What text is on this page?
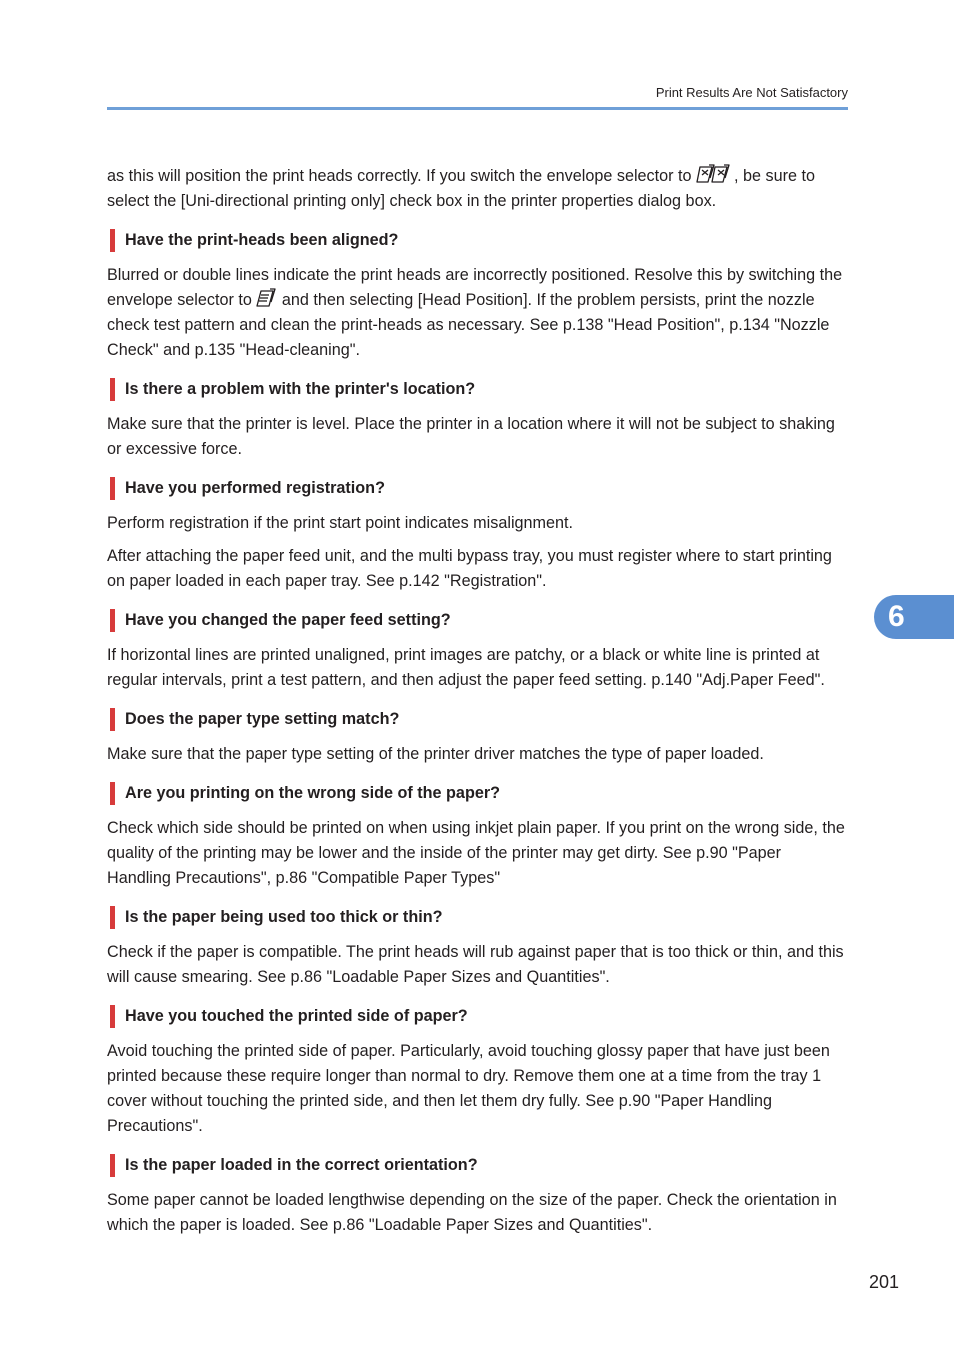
Print Results Are Not Satisfactory

as this will position the print heads correctly. If you switch the envelope selector to , be sure to select the [Uni-directional printing only] check box in the printer properties dialog box.

Have the print-heads been aligned?

Blurred or double lines indicate the print heads are incorrectly positioned. Resolve this by switching the envelope selector to  and then selecting [Head Position]. If the problem persists, print the nozzle check test pattern and clean the print-heads as necessary. See p.138 "Head Position", p.134 "Nozzle Check" and p.135 "Head-cleaning".

Is there a problem with the printer's location?

Make sure that the printer is level. Place the printer in a location where it will not be subject to shaking or excessive force.

Have you performed registration?

Perform registration if the print start point indicates misalignment.

After attaching the paper feed unit, and the multi bypass tray, you must register where to start printing on paper loaded in each paper tray. See p.142 "Registration".

Have you changed the paper feed setting?

If horizontal lines are printed unaligned, print images are patchy, or a black or white line is printed at regular intervals, print a test pattern, and then adjust the paper feed setting. p.140 "Adj.Paper Feed".

Does the paper type setting match?

Make sure that the paper type setting of the printer driver matches the type of paper loaded.

Are you printing on the wrong side of the paper?

Check which side should be printed on when using inkjet plain paper. If you print on the wrong side, the quality of the printing may be lower and the inside of the printer may get dirty. See p.90 "Paper Handling Precautions", p.86 "Compatible Paper Types"

Is the paper being used too thick or thin?

Check if the paper is compatible. The print heads will rub against paper that is too thick or thin, and this will cause smearing. See p.86 "Loadable Paper Sizes and Quantities".

Have you touched the printed side of paper?

Avoid touching the printed side of paper. Particularly, avoid touching glossy paper that have just been printed because these require longer than normal to dry. Remove them one at a time from the tray 1 cover without touching the printed side, and then let them dry fully. See p.90 "Paper Handling Precautions".

Is the paper loaded in the correct orientation?

Some paper cannot be loaded lengthwise depending on the size of the paper. Check the orientation in which the paper is loaded. See p.86 "Loadable Paper Sizes and Quantities".

6
201
